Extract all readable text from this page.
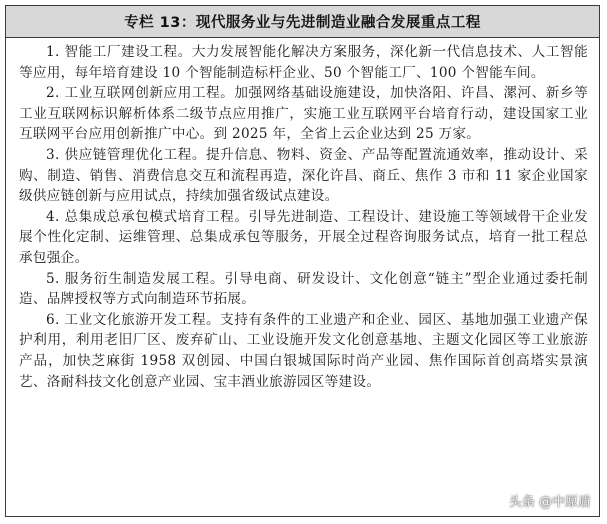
专栏 13：现代服务业与先进制造业融合发展重点工程

1. 智能工厂建设工程。大力发展智能化解决方案服务，深化新一代信息技术、人工智能等应用，每年培育建设 10 个智能制造标杆企业、50 个智能工厂、100 个智能车间。

2. 工业互联网创新应用工程。加强网络基础设施建设，加快洛阳、许昌、漯河、新乡等工业互联网标识解析体系二级节点应用推广，实施工业互联网平台培育行动，建设国家工业互联网平台应用创新推广中心。到 2025 年，全省上云企业达到 25 万家。

3. 供应链管理优化工程。提升信息、物料、资金、产品等配置流通效率，推动设计、采购、制造、销售、消费信息交互和流程再造，深化许昌、商丘、焦作 3 市和 11 家企业国家级供应链创新与应用试点，持续加强省级试点建设。

4. 总集成总承包模式培育工程。引导先进制造、工程设计、建设施工等领域骨干企业发展个性化定制、运维管理、总集成承包等服务，开展全过程咨询服务试点，培育一批工程总承包强企。

5. 服务衍生制造发展工程。引导电商、研发设计、文化创意“链主”型企业通过委托制造、品牌授权等方式向制造环节拓展。

6. 工业文化旅游开发工程。支持有条件的工业遗产和企业、园区、基地加强工业遗产保护利用，利用老旧厂区、废弃矿山、工业设施开发文化创意基地、主题文化园区等工业旅游产品，加快芝麻街 1958 双创园、中国白银城国际时尚产业园、焦作国际首创高塔实景演艺、洛耐科技文化创意产业园、宝丰酒业旅游园区等建设。

头条 @中原盾
